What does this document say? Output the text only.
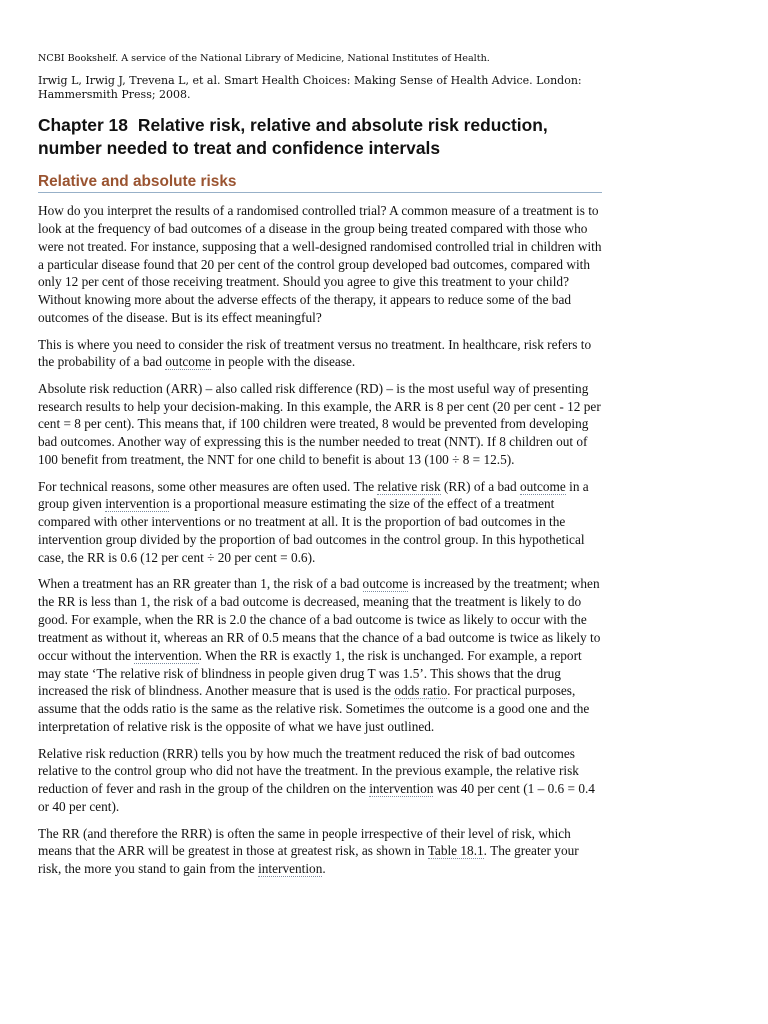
NCBI Bookshelf. A service of the National Library of Medicine, National Institutes of Health.

Irwig L, Irwig J, Trevena L, et al. Smart Health Choices: Making Sense of Health Advice. London: Hammersmith Press; 2008.

Chapter 18 Relative risk, relative and absolute risk reduction, number needed to treat and confidence intervals
Relative and absolute risks

How do you interpret the results of a randomised controlled trial? A common measure of a treatment is to look at the frequency of bad outcomes of a disease in the group being treated compared with those who were not treated. For instance, supposing that a well-designed randomised controlled trial in children with a particular disease found that 20 per cent of the control group developed bad outcomes, compared with only 12 per cent of those receiving treatment. Should you agree to give this treatment to your child? Without knowing more about the adverse effects of the therapy, it appears to reduce some of the bad outcomes of the disease. But is its effect meaningful?

This is where you need to consider the risk of treatment versus no treatment. In healthcare, risk refers to the probability of a bad outcome in people with the disease.

Absolute risk reduction (ARR) – also called risk difference (RD) – is the most useful way of presenting research results to help your decision-making. In this example, the ARR is 8 per cent (20 per cent - 12 per cent = 8 per cent). This means that, if 100 children were treated, 8 would be prevented from developing bad outcomes. Another way of expressing this is the number needed to treat (NNT). If 8 children out of 100 benefit from treatment, the NNT for one child to benefit is about 13 (100 ÷ 8 = 12.5).

For technical reasons, some other measures are often used. The relative risk (RR) of a bad outcome in a group given intervention is a proportional measure estimating the size of the effect of a treatment compared with other interventions or no treatment at all. It is the proportion of bad outcomes in the intervention group divided by the proportion of bad outcomes in the control group. In this hypothetical case, the RR is 0.6 (12 per cent ÷ 20 per cent = 0.6).

When a treatment has an RR greater than 1, the risk of a bad outcome is increased by the treatment; when the RR is less than 1, the risk of a bad outcome is decreased, meaning that the treatment is likely to do good. For example, when the RR is 2.0 the chance of a bad outcome is twice as likely to occur with the treatment as without it, whereas an RR of 0.5 means that the chance of a bad outcome is twice as likely to occur without the intervention. When the RR is exactly 1, the risk is unchanged. For example, a report may state ‘The relative risk of blindness in people given drug T was 1.5’. This shows that the drug increased the risk of blindness. Another measure that is used is the odds ratio. For practical purposes, assume that the odds ratio is the same as the relative risk. Sometimes the outcome is a good one and the interpretation of relative risk is the opposite of what we have just outlined.

Relative risk reduction (RRR) tells you by how much the treatment reduced the risk of bad outcomes relative to the control group who did not have the treatment. In the previous example, the relative risk reduction of fever and rash in the group of the children on the intervention was 40 per cent (1 – 0.6 = 0.4 or 40 per cent).

The RR (and therefore the RRR) is often the same in people irrespective of their level of risk, which means that the ARR will be greatest in those at greatest risk, as shown in Table 18.1. The greater your risk, the more you stand to gain from the intervention.
